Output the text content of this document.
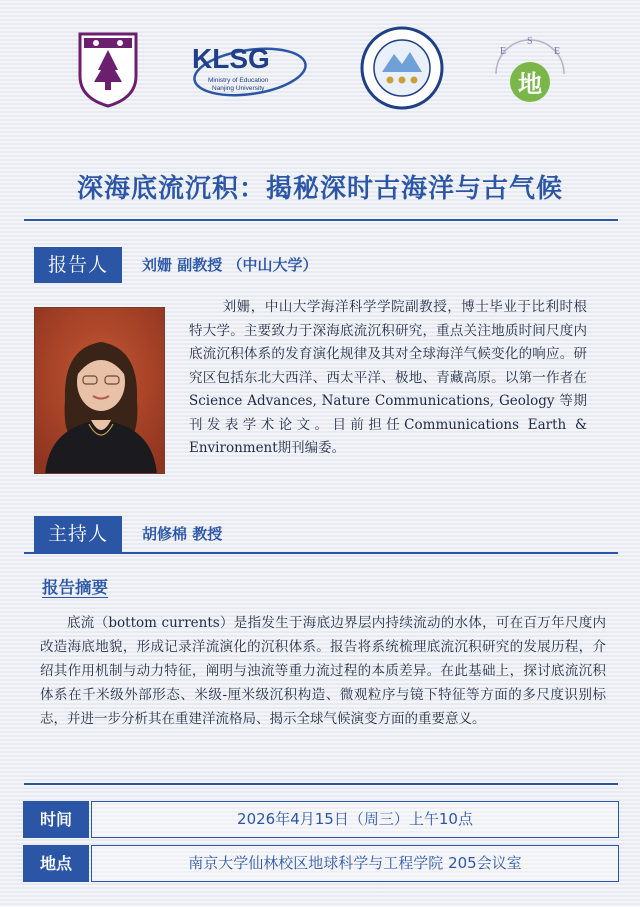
KLSG
Ministry of Education
Nanjing University
E
S
E
地
深海底流沉积：揭秘深时古海洋与古气候
报告人	刘姗 副教授 （中山大学）
刘姗，中山大学海洋科学学院副教授，博士毕业于比利时根特大学。主要致力于深海底流沉积研究，重点关注地质时间尺度内底流沉积体系的发育演化规律及其对全球海洋气候变化的响应。研究区包括东北大西洋、西太平洋、极地、青藏高原。以第一作者在Science Advances, Nature Communications, Geology 等期刊发表学术论文。目前担任Communications Earth & Environment期刊编委。
主持人	胡修棉 教授
报告摘要
底流（bottom currents）是指发生于海底边界层内持续流动的水体，可在百万年尺度内改造海底地貌，形成记录洋流演化的沉积体系。报告将系统梳理底流沉积研究的发展历程，介绍其作用机制与动力特征，阐明与浊流等重力流过程的本质差异。在此基础上，探讨底流沉积体系在千米级外部形态、米级-厘米级沉积构造、微观粒序与镜下特征等方面的多尺度识别标志，并进一步分析其在重建洋流格局、揭示全球气候演变方面的重要意义。
时间	2026年4月15日（周三）上午10点
地点	南京大学仙林校区地球科学与工程学院 205会议室
